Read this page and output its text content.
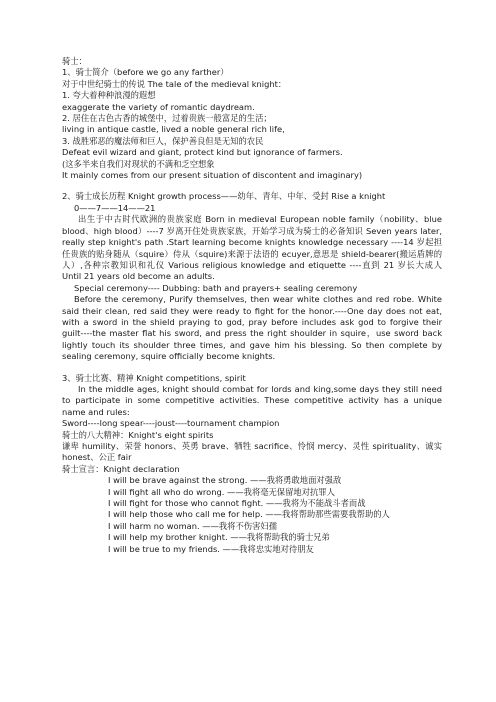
骑士：

1、骑士简介（before we go any farther）

对于中世纪骑士的传说 The tale of the medieval knight：

1. 夸大着种种浪漫的遐想

exaggerate the variety of romantic daydream.

2. 居住在古色古香的城堡中，过着贵族一般富足的生活；

living in antique castle, lived a noble general rich life,

3. 战胜邪恶的魔法师和巨人，保护善良但是无知的农民

Defeat evil wizard and giant, protect kind but ignorance of farmers.

(这多半来自我们对现状的不满和乏空想象

It mainly comes from our present situation of discontent and imaginary)

2、骑士成长历程 Knight growth process——幼年、青年、中年、受封 Rise a knight

0——7——14——21

出生于中古时代欧洲的贵族家庭 Born in medieval European noble family（nobility、blue blood、high blood）----7 岁离开住处贵族家族，开始学习成为骑士的必备知识 Seven years later, really step knight's path .Start learning become knights knowledge necessary ----14 岁起担任贵族的贴身随从（squire）侍从（squire)来源于法语的 ecuyer,意思是 shield-bearer(搬运盾牌的人）,各种宗教知识和礼仪 Various religious knowledge and etiquette ----直到 21 岁长大成人 Until 21 years old become an adults.

Special ceremony---- Dubbing: bath and prayers+ sealing ceremony

Before the ceremony, Purify themselves, then wear white clothes and red robe. White said their clean, red said they were ready to fight for the honor.----One day does not eat, with a sword in the shield praying to god, pray before includes ask god to forgive their guilt----the master flat his sword, and press the right shoulder in squire，use sword back lightly touch its shoulder three times, and gave him his blessing. So then complete by sealing ceremony, squire officially become knights.

3、骑士比赛、精神 Knight competitions, spirit

In the middle ages, knight should combat for lords and king,some days they still need to participate in some competitive activities. These competitive activity has a unique name and rules:

Sword----long spear----joust----tournament champion

骑士的八大精神：Knight's eight spirits

谦卑 humility、荣誉 honors、英勇 brave、牺牲 sacrifice、怜悯 mercy、灵性 spirituality、诚实 honest、公正 fair

骑士宣言：Knight declaration

I will be brave against the strong. ——我将勇敢地面对强敌

I will fight all who do wrong. ——我将毫无保留地对抗罪人

I will fight for those who cannot fight. ——我将为不能战斗者而战

I will help those who call me for help. ——我将帮助那些需要我帮助的人

I will harm no woman. ——我将不伤害妇孺

I will help my brother knight. ——我将帮助我的骑士兄弟

I will be true to my friends. ——我将忠实地对待朋友
